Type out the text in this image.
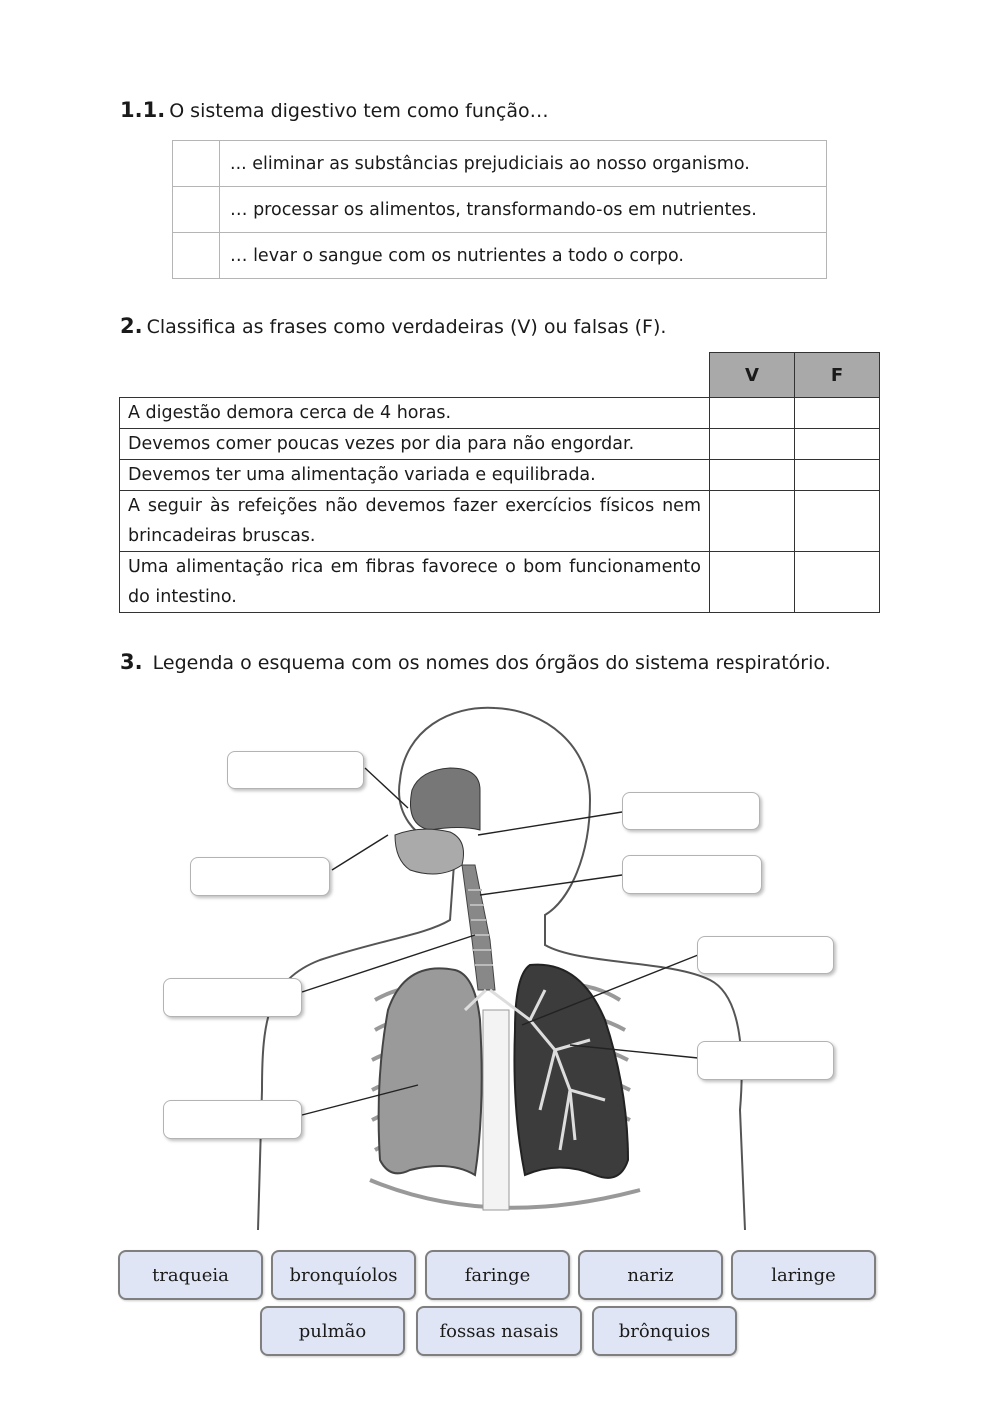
1.1. O sistema digestivo tem como função…
	... eliminar as substâncias prejudiciais ao nosso organismo.
	… processar os alimentos, transformando-os em nutrientes.
	… levar o sangue com os nutrientes a todo o corpo.
2. Classifica as frases como verdadeiras (V) ou falsas (F).
	V	F
A digestão demora cerca de 4 horas.		
Devemos comer poucas vezes por dia para não engordar.		
Devemos ter uma alimentação variada e equilibrada.		
A seguir às refeições não devemos fazer exercícios físicos nem brincadeiras bruscas.		
Uma alimentação rica em fibras favorece o bom funcionamento do intestino.		
3. Legenda o esquema com os nomes dos órgãos do sistema respiratório.
traqueia	bronquíolos	faringe	nariz	laringe
pulmão	fossas nasais	brônquios
